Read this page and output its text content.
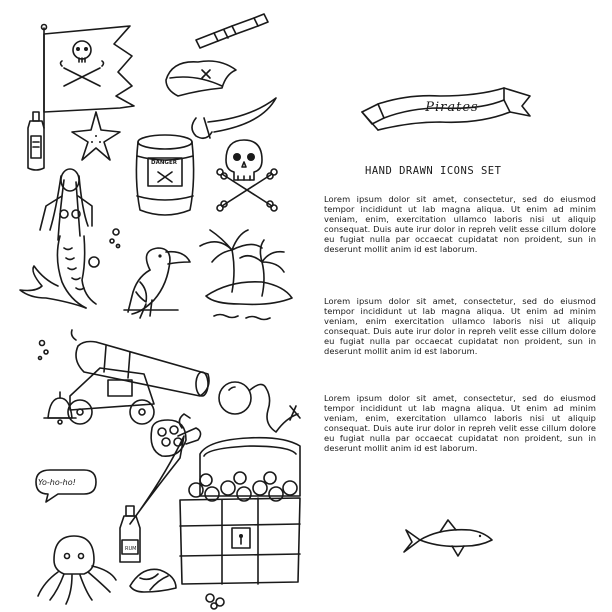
Pirates
HAND DRAWN ICONS SET
Lorem ipsum dolor sit amet, consectetur, sed do eiusmod tempor incididunt ut lab magna aliqua. Ut enim ad minim veniam, enim, exercitation ullamco laboris nisi ut aliquip consequat. Duis aute irur dolor in repreh velit esse cillum dolore eu fugiat nulla par occaecat cupidatat non proident, sun in deserunt mollit anim id est laborum.
Lorem ipsum dolor sit amet, consectetur, sed do eiusmod tempor incididunt ut lab magna aliqua. Ut enim ad minim veniam, enim exercitation ullamco laboris nisi ut aliquip consequat. Duis aute irur dolor in repreh velit esse cillum dolore eu fugiat nulla par occaecat cupidatat non proident, sun in deserunt mollit anim id est laborum.
Lorem ipsum dolor sit amet, consectetur, sed do eiusmod tempor incididunt ut lab magna aliqua. Ut enim ad minim veniam, enim, exercitation ullamco laboris nisi ut aliquip consequat. Duis aute irur dolor in repreh velit esse cillum dolore eu fugiat nulla par occaecat cupidatat non proident, sun in deserunt mollit anim id est laborum.
Yo-ho-ho!
RUM
DANGER
